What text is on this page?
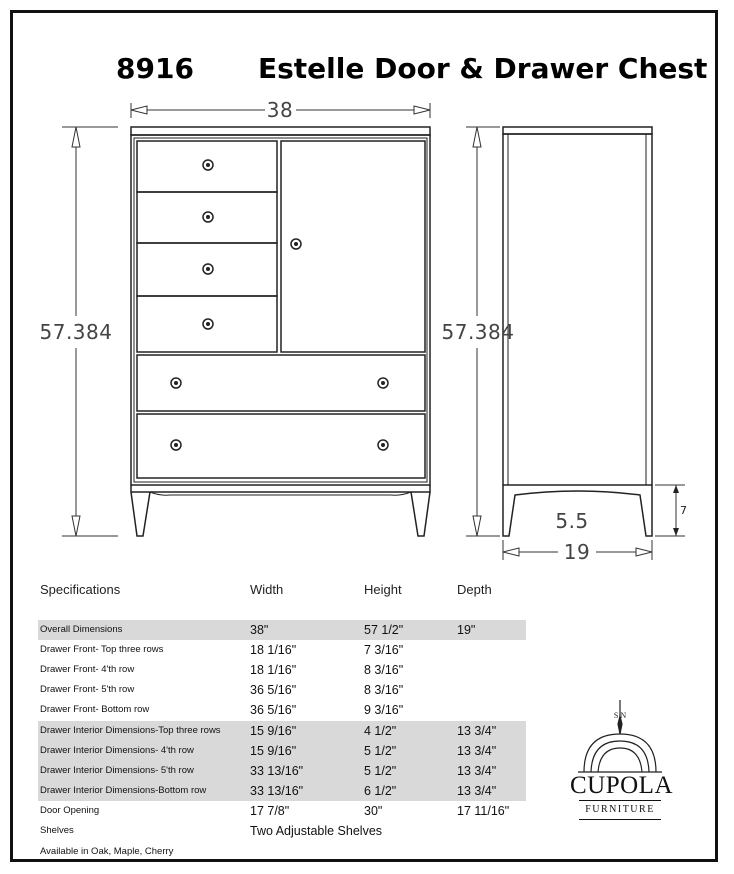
8916 Estelle Door & Drawer Chest
38
57.384	57.384
5.5	7
19
Specifications	Width	Height	Depth
Overall Dimensions	38"	57 1/2"	19"
Drawer Front- Top three rows	18 1/16"	7 3/16"
Drawer Front- 4'th row	18 1/16"	8 3/16"
Drawer Front- 5'th row	36 5/16"	8 3/16"
Drawer Front- Bottom row	36 5/16"	9 3/16"
Drawer Interior Dimensions-Top three rows 15 9/16"	4 1/2"	13 3/4"
Drawer Interior Dimensions- 4'th row	15 9/16"	5 1/2"	13 3/4"
Drawer Interior Dimensions- 5'th row	33 13/16"	5 1/2"	13 3/4"
Drawer Interior Dimensions-Bottom row	33 13/16"	6 1/2"	13 3/4"
Door Opening	17 7/8"	30"	17 11/16"
Shelves	Two Adjustable Shelves
Available in Oak, Maple, Cherry
S N
CUPOLA
FURNITURE
